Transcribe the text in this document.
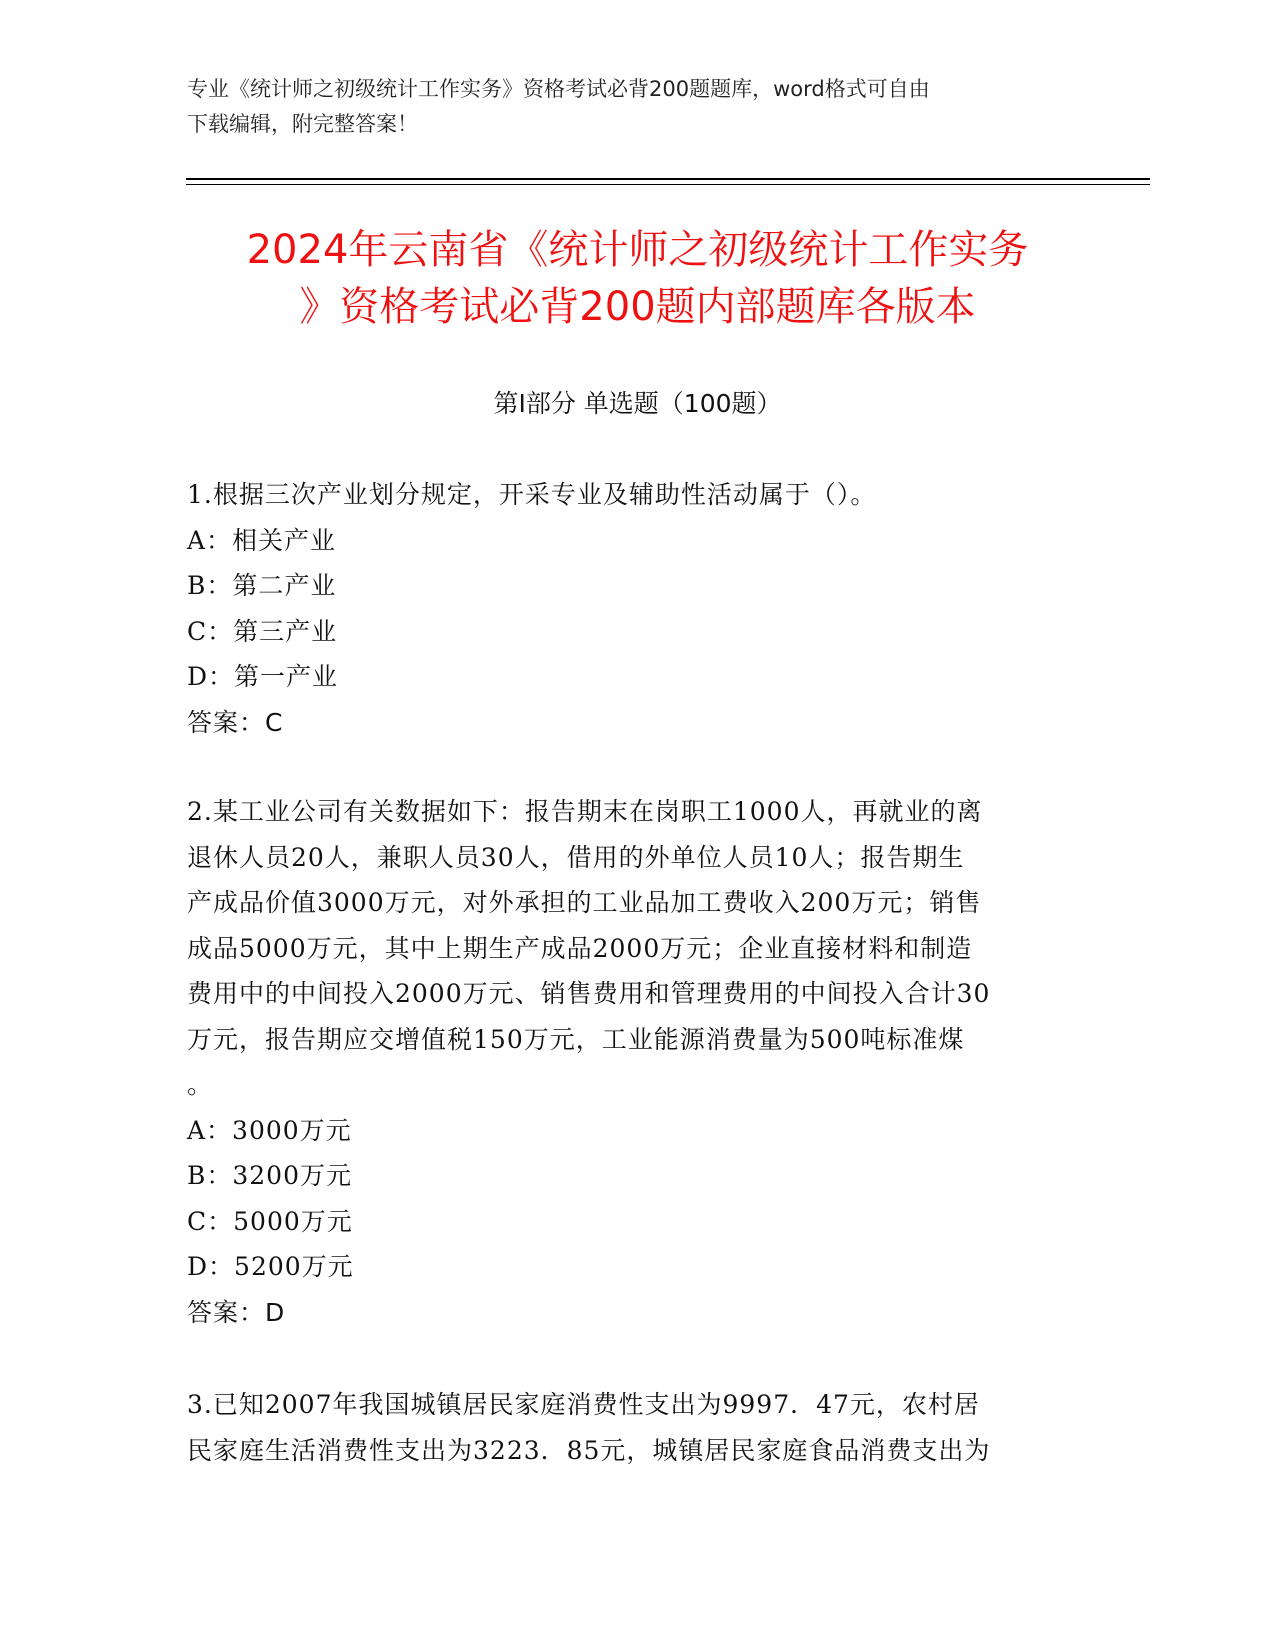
专业《统计师之初级统计工作实务》资格考试必背200题题库，word格式可自由
下载编辑，附完整答案！
2024年云南省《统计师之初级统计工作实务
》资格考试必背200题内部题库各版本
第I部分 单选题（100题）

1.根据三次产业划分规定，开采专业及辅助性活动属于（）。

A：相关产业

B：第二产业

C：第三产业

D：第一产业

答案：C

2.某工业公司有关数据如下：报告期末在岗职工1000人，再就业的离

退休人员20人，兼职人员30人，借用的外单位人员10人；报告期生

产成品价值3000万元，对外承担的工业品加工费收入200万元；销售

成品5000万元，其中上期生产成品2000万元；企业直接材料和制造

费用中的中间投入2000万元、销售费用和管理费用的中间投入合计30

万元，报告期应交增值税150万元，工业能源消费量为500吨标准煤

。

A：3000万元

B：3200万元

C：5000万元

D：5200万元

答案：D

3.已知2007年我国城镇居民家庭消费性支出为9997．47元，农村居

民家庭生活消费性支出为3223．85元，城镇居民家庭食品消费支出为
